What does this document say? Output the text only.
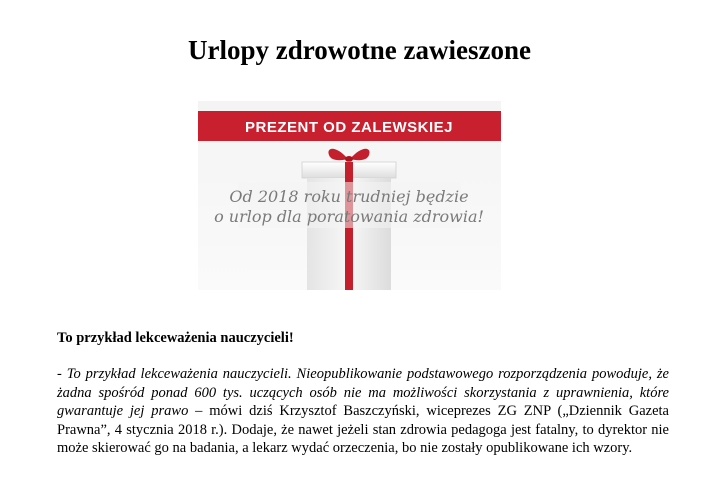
Urlopy zdrowotne zawieszone
PREZENT OD ZALEWSKIEJ
Od 2018 roku trudniej będzie
o urlop dla poratowania zdrowia!

To przykład lekceważenia nauczycieli!

- To przykład lekceważenia nauczycieli. Nieopublikowanie podstawowego rozporządzenia powoduje, że żadna spośród ponad 600 tys. uczących osób nie ma możliwości skorzystania z uprawnienia, które gwarantuje jej prawo – mówi dziś Krzysztof Baszczyński, wiceprezes ZG ZNP („Dziennik Gazeta Prawna”, 4 stycznia 2018 r.). Dodaje, że nawet jeżeli stan zdrowia pedagoga jest fatalny, to dyrektor nie może skierować go na badania, a lekarz wydać orzeczenia, bo nie zostały opublikowane ich wzory.
